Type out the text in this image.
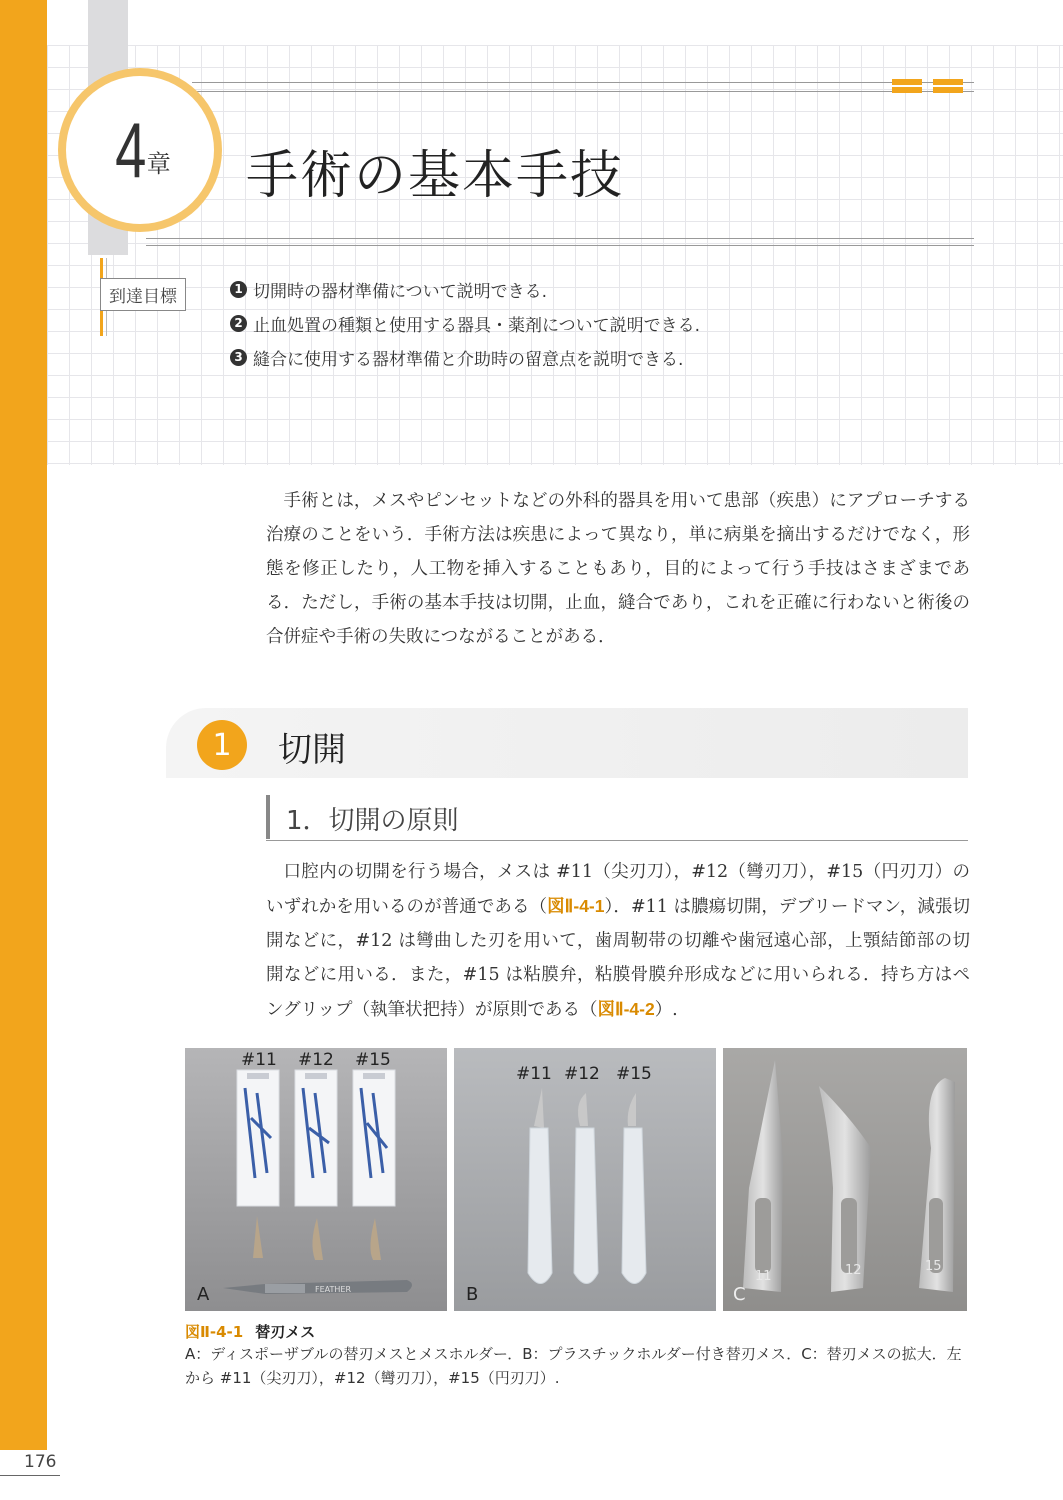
4 章 手術の基本手技
到達目標	1 切開時の器材準備について説明できる.
2 止血処置の種類と使用する器具・薬剤について説明できる.
3 縫合に使用する器材準備と介助時の留意点を説明できる.

手術とは，メスやピンセットなどの外科的器具を用いて患部（疾患）にアプローチする治療のことをいう．手術方法は疾患によって異なり，単に病巣を摘出するだけでなく，形態を修正したり，人工物を挿入することもあり，目的によって行う手技はさまざまである．ただし，手術の基本手技は切開，止血，縫合であり，これを正確に行わないと術後の合併症や手術の失敗につながることがある．

1	切開
1．切開の原則

口腔内の切開を行う場合，メスは #11（尖刃刀），#12（彎刃刀），#15（円刃刀）のいずれかを用いるのが普通である（図Ⅱ-4-1）．#11 は膿瘍切開，デブリードマン，減張切開などに，#12 は彎曲した刃を用いて，歯周靭帯の切離や歯冠遠心部，上顎結節部の切開などに用いる．また，#15 は粘膜弁，粘膜骨膜弁形成などに用いられる．持ち方はペングリップ（執筆状把持）が原則である（図Ⅱ-4-2）.

FEATHER
#11 #12 #15
A
#11 #12 #15
B
11	12	15
C
図Ⅱ-4-1 替刃メス

A：ディスポーザブルの替刃メスとメスホルダー．B：プラスチックホルダー付き替刃メス．C：替刃メスの拡大．左から #11（尖刃刀），#12（彎刃刀），#15（円刃刀）.

176
